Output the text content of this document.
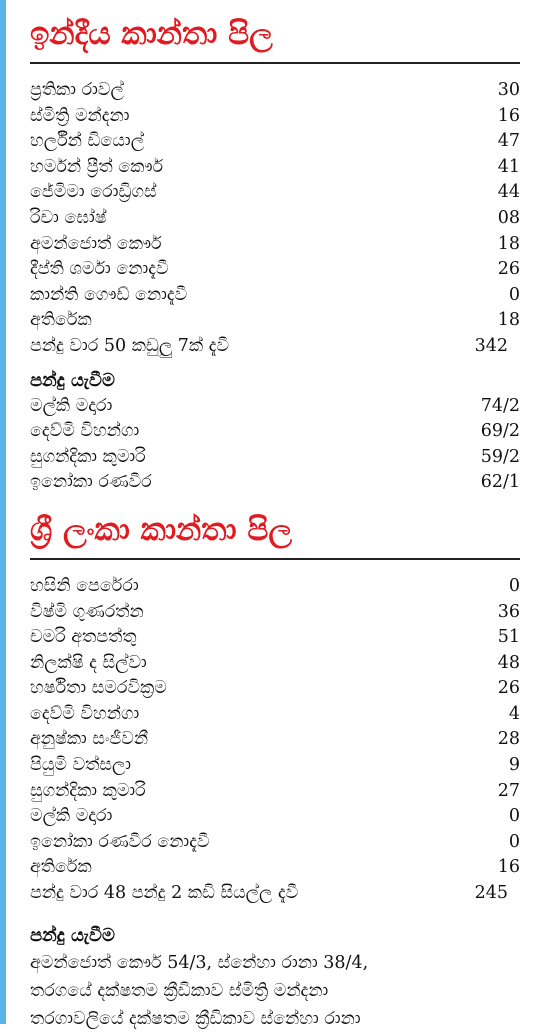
ඉන්දීය කාන්තා පිල
ප්‍රතිකා රාවල්	30
ස්මිත්‍රි මන්දනා	16
හර්ලීන් ඩියොල්	47
හර්මන් ප්‍රීත් කෞර්	41
ජේමිමා රොඩ්‍රිගස්	44
රිචා ඝෝෂ්	08
අමන්ජොත් කෞර්	18
දීප්ති ශර්මා නොදැවී	26
කාන්ති ගෞඩ් නොදැවී	0
අතිරේක	18
පන්දු වාර 50 කඩුලු 7ක් දැවී	342
පන්දු යැවීම
මල්කි මදාරා	74/2
දෙව්මි විහන්ගා	69/2
සුගන්දිකා කුමාරි	59/2
ඉනෝකා රණවීර	62/1
ශ්‍රී ලංකා කාන්තා පිල
හසිනි පෙරේරා	0
විෂ්මි ගුණරත්න	36
චමරි අතපත්තු	51
නිලක්ෂි ද සිල්වා	48
හර්ෂිතා සමරවික්‍රම	26
දෙව්මි විහන්ගා	4
අනුෂ්කා සංජීවනී	28
පියුමි වත්සලා	9
සුගන්දිකා කුමාරි	27
මල්කි මදාරා	0
ඉනෝකා රණවීර නොදැවී	0
අතිරේක	16
පන්දු වාර 48 පන්දු 2 කඩි සියල්ල දැවී	245
පන්දු යැවීම
අමන්ජොත් කෞර් 54/3, ස්නේහා රානා 38/4,
තරගයේ දක්ෂතම ක්‍රීඩිකාව ස්මිත්‍රි මන්දනා
තරගාවලියේ දක්ෂතම ක්‍රීඩිකාව ස්නේහා රානා
